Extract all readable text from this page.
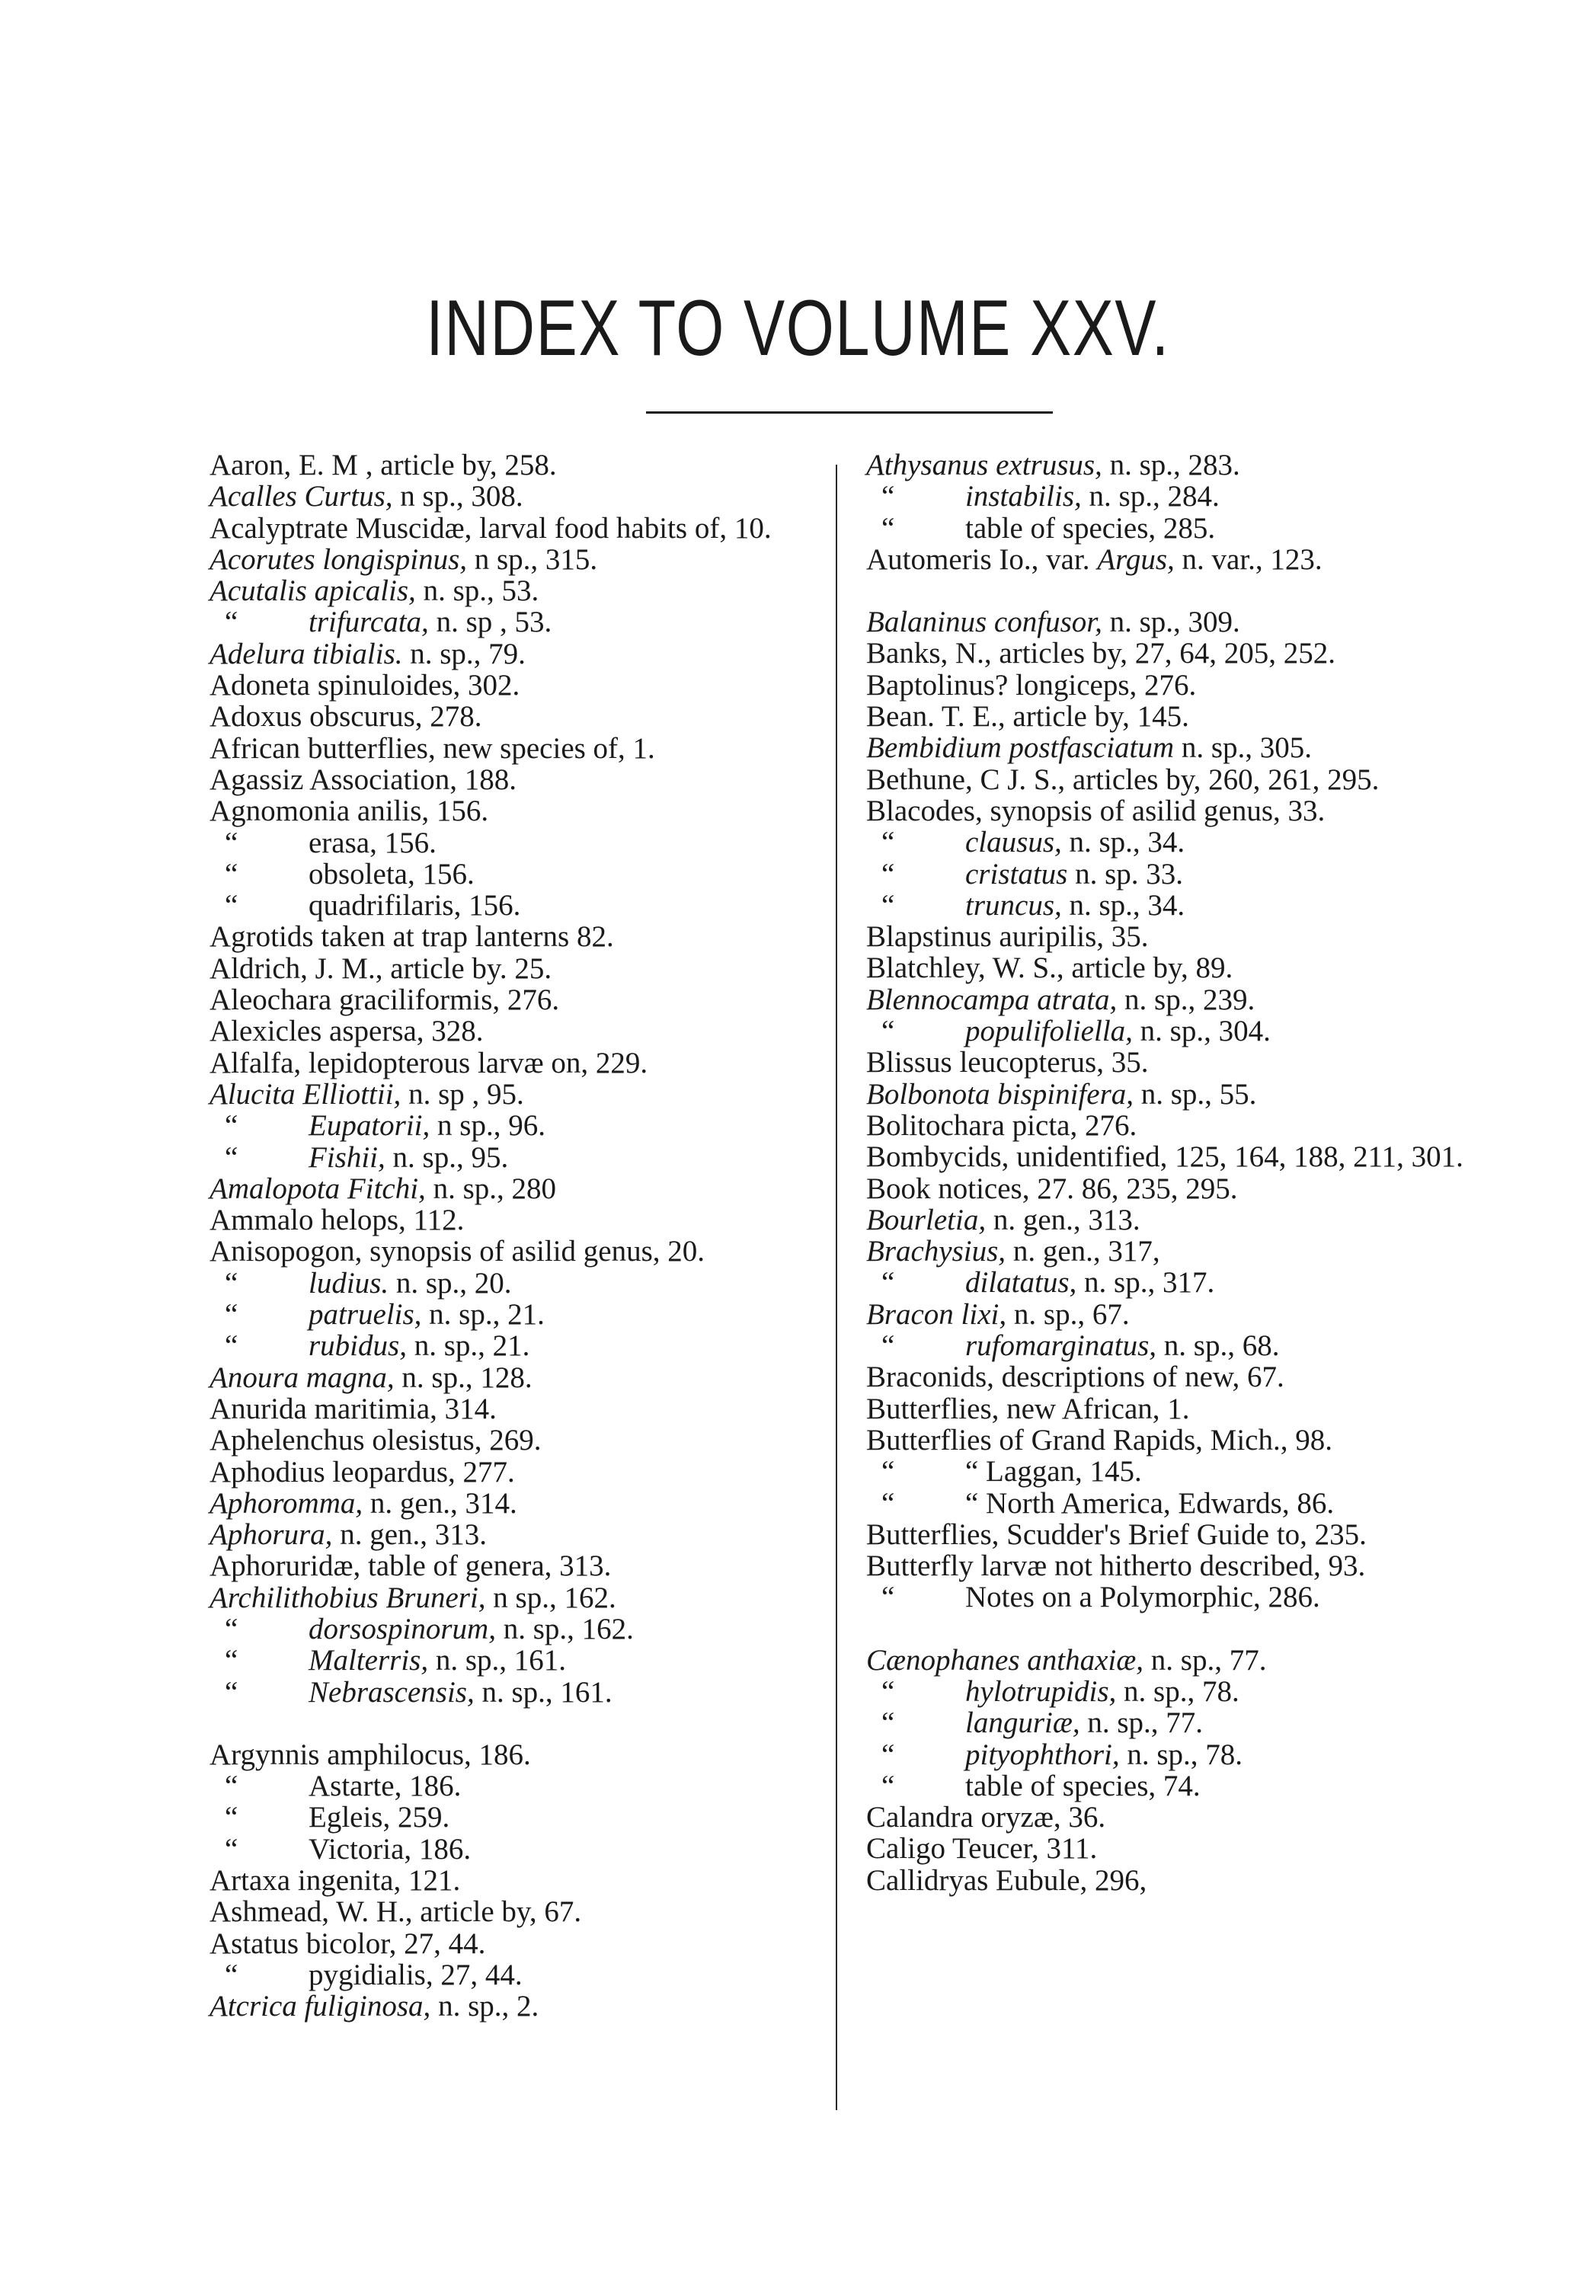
INDEX TO VOLUME XXV.

Aaron, E. M , article by, 258.

Acalles Curtus, n sp., 308.

Acalyptrate Muscidæ, larval food habits of, 10.

Acorutes longispinus, n sp., 315.

Acutalis apicalis, n. sp., 53.

“ trifurcata, n. sp , 53.

Adelura tibialis. n. sp., 79.

Adoneta spinuloides, 302.

Adoxus obscurus, 278.

African butterflies, new species of, 1.

Agassiz Association, 188.

Agnomonia anilis, 156.

“ erasa, 156.

“ obsoleta, 156.

“ quadrifilaris, 156.

Agrotids taken at trap lanterns 82.

Aldrich, J. M., article by. 25.

Aleochara graciliformis, 276.

Alexicles aspersa, 328.

Alfalfa, lepidopterous larvæ on, 229.

Alucita Elliottii, n. sp , 95.

“ Eupatorii, n sp., 96.

“ Fishii, n. sp., 95.

Amalopota Fitchi, n. sp., 280

Ammalo helops, 112.

Anisopogon, synopsis of asilid genus, 20.

“ ludius. n. sp., 20.

“ patruelis, n. sp., 21.

“ rubidus, n. sp., 21.

Anoura magna, n. sp., 128.

Anurida maritimia, 314.

Aphelenchus olesistus, 269.

Aphodius leopardus, 277.

Aphoromma, n. gen., 314.

Aphorura, n. gen., 313.

Aphoruridæ, table of genera, 313.

Archilithobius Bruneri, n sp., 162.

“ dorsospinorum, n. sp., 162.

“ Malterris, n. sp., 161.

“ Nebrascensis, n. sp., 161.

Argynnis amphilocus, 186.

“ Astarte, 186.

“ Egleis, 259.

“ Victoria, 186.

Artaxa ingenita, 121.

Ashmead, W. H., article by, 67.

Astatus bicolor, 27, 44.

“ pygidialis, 27, 44.

Atcrica fuliginosa, n. sp., 2.

Athysanus extrusus, n. sp., 283.

“ instabilis, n. sp., 284.

“ table of species, 285.

Automeris Io., var. Argus, n. var., 123.

Balaninus confusor, n. sp., 309.

Banks, N., articles by, 27, 64, 205, 252.

Baptolinus? longiceps, 276.

Bean. T. E., article by, 145.

Bembidium postfasciatum n. sp., 305.

Bethune, C J. S., articles by, 260, 261, 295.

Blacodes, synopsis of asilid genus, 33.

“ clausus, n. sp., 34.

“ cristatus n. sp. 33.

“ truncus, n. sp., 34.

Blapstinus auripilis, 35.

Blatchley, W. S., article by, 89.

Blennocampa atrata, n. sp., 239.

“ populifoliella, n. sp., 304.

Blissus leucopterus, 35.

Bolbonota bispinifera, n. sp., 55.

Bolitochara picta, 276.

Bombycids, unidentified, 125, 164, 188, 211, 301.

Book notices, 27. 86, 235, 295.

Bourletia, n. gen., 313.

Brachysius, n. gen., 317,

“ dilatatus, n. sp., 317.

Bracon lixi, n. sp., 67.

“ rufomarginatus, n. sp., 68.

Braconids, descriptions of new, 67.

Butterflies, new African, 1.

Butterflies of Grand Rapids, Mich., 98.

“ “ Laggan, 145.

“ “ North America, Edwards, 86.

Butterflies, Scudder's Brief Guide to, 235.

Butterfly larvæ not hitherto described, 93.

“ Notes on a Polymorphic, 286.

Cænophanes anthaxiæ, n. sp., 77.

“ hylotrupidis, n. sp., 78.

“ languriæ, n. sp., 77.

“ pityophthori, n. sp., 78.

“ table of species, 74.

Calandra oryzæ, 36.

Caligo Teucer, 311.

Callidryas Eubule, 296,
